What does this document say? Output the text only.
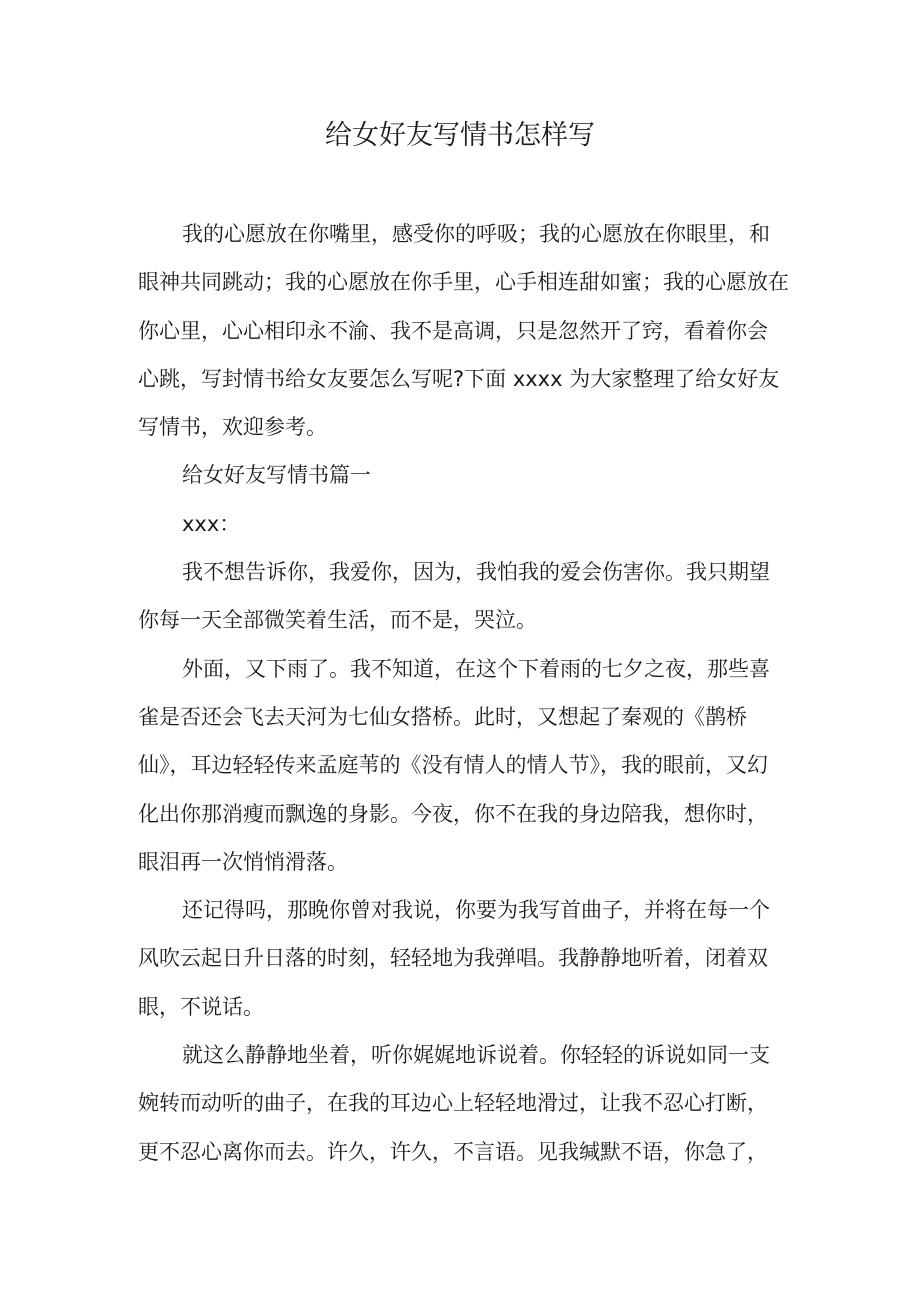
给女好友写情书怎样写
我的心愿放在你嘴里，感受你的呼吸；我的心愿放在你眼里，和
眼神共同跳动；我的心愿放在你手里，心手相连甜如蜜；我的心愿放在
你心里，心心相印永不渝、我不是高调，只是忽然开了窍，看着你会
心跳，写封情书给女友要怎么写呢?下面 xxxx 为大家整理了给女好友
写情书，欢迎参考。
给女好友写情书篇一
xxx：
我不想告诉你，我爱你，因为，我怕我的爱会伤害你。我只期望
你每一天全部微笑着生活，而不是，哭泣。
外面，又下雨了。我不知道，在这个下着雨的七夕之夜，那些喜
雀是否还会飞去天河为七仙女搭桥。此时，又想起了秦观的《鹊桥
仙》，耳边轻轻传来孟庭苇的《没有情人的情人节》，我的眼前，又幻
化出你那消瘦而飘逸的身影。今夜，你不在我的身边陪我，想你时，
眼泪再一次悄悄滑落。
还记得吗，那晚你曾对我说，你要为我写首曲子，并将在每一个
风吹云起日升日落的时刻，轻轻地为我弹唱。我静静地听着，闭着双
眼，不说话。
就这么静静地坐着，听你娓娓地诉说着。你轻轻的诉说如同一支
婉转而动听的曲子，在我的耳边心上轻轻地滑过，让我不忍心打断，
更不忍心离你而去。许久，许久，不言语。见我缄默不语，你急了，
